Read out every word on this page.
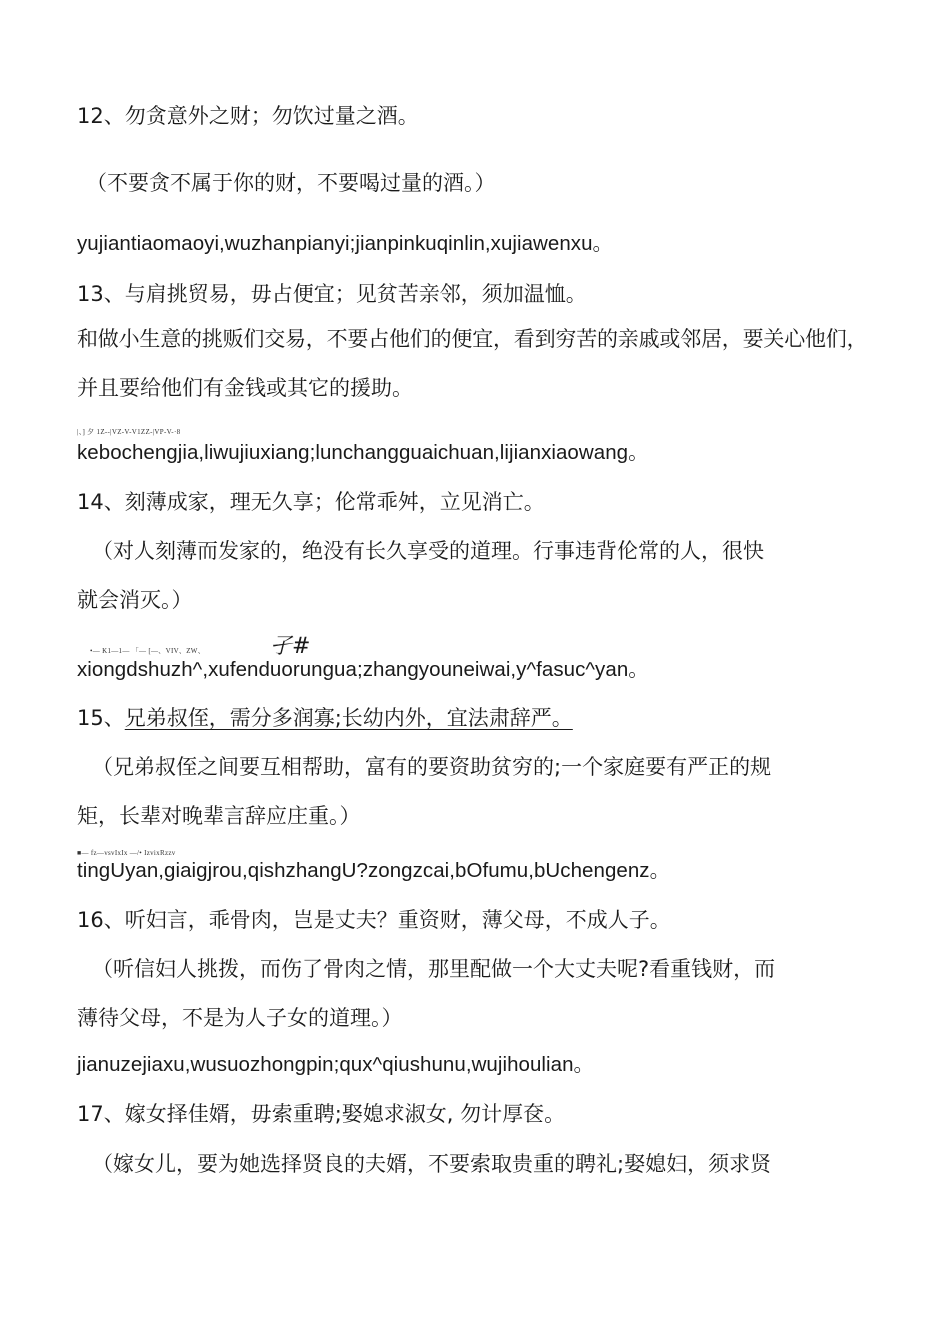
12、勿贪意外之财；勿饮过量之酒。
（不要贪不属于你的财，不要喝过量的酒。）
yujiantiaomaoyi,wuzhanpianyi;jianpinkuqinlin,xujiawenxu。
13、与肩挑贸易，毋占便宜；见贫苦亲邻，须加温恤。
和做小生意的挑贩们交易，不要占他们的便宜，看到穷苦的亲戚或邻居，要关心他们，
并且要给他们有金钱或其它的援助。
|、] 夕 1Z--|VZ-V-V1ZZ-|VP-V-·8
kebochengjia,liwujiuxiang;lunchangguaichuan,lijianxiaowang。
14、刻薄成家，理无久享；伦常乖舛，立见消亡。
（对人刻薄而发家的，绝没有长久享受的道理。行事违背伦常的人，很快
就会消灭。）
•— K1—1— 「— [—、VIV、ZW、	孑#
xiongdshuzh^,xufenduorungua;zhangyouneiwai,y^fasuc^yan。
15、兄弟叔侄，需分多润寡;长幼内外，宜法肃辞严。
（兄弟叔侄之间要互相帮助，富有的要资助贫穷的;一个家庭要有严正的规
矩，长辈对晚辈言辞应庄重。）
■— fz—vsvIxIx —/• IzvixRzzv
tingUyan,giaigjrou,qishzhangU?zongzcai,bOfumu,bUchengenz。
16、听妇言，乖骨肉，岂是丈夫？重资财，薄父母，不成人子。
（听信妇人挑拨，而伤了骨肉之情，那里配做一个大丈夫呢?看重钱财，而
薄待父母，不是为人子女的道理。）
jianuzejiaxu,wusuozhongpin;qux^qiushunu,wujihoulian。
17、嫁女择佳婿，毋索重聘;娶媳求淑女, 勿计厚奁。
（嫁女儿，要为她选择贤良的夫婿，不要索取贵重的聘礼;娶媳妇，须求贤
